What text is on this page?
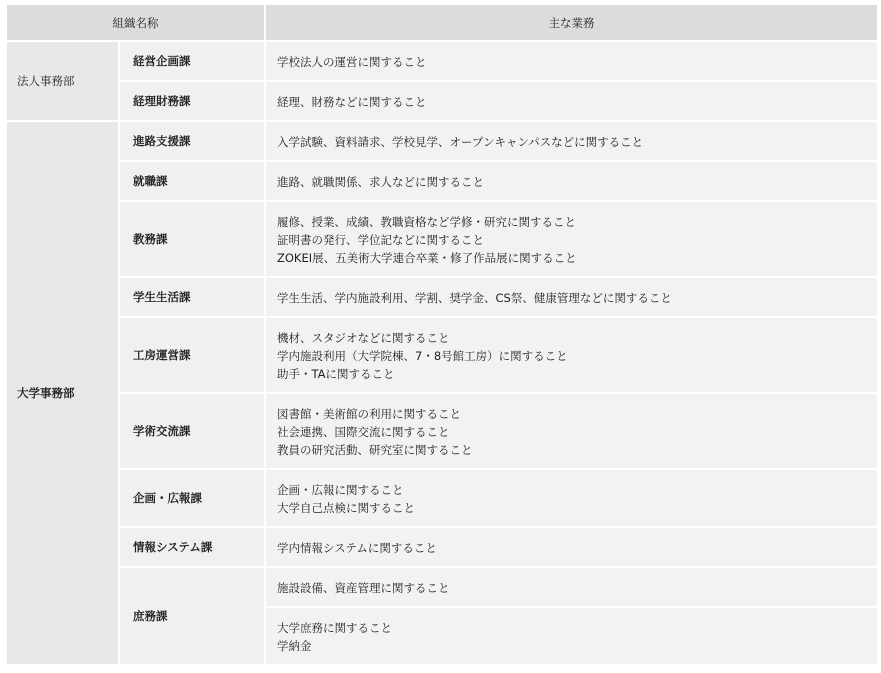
組織名称		主な業務
法人事務部	経営企画課	学校法人の運営に関すること

	経理財務課	経理、財務などに関すること

大学事務部	進路支援課	入学試験、資料請求、学校見学、オープンキャンパスなどに関すること

	就職課	進路、就職関係、求人などに関すること

	教務課	履修、授業、成績、教職資格など学修・研究に関すること
証明書の発行、学位記などに関すること
ZOKEI展、五美術大学連合卒業・修了作品展に関すること

	学生生活課	学生生活、学内施設利用、学割、奨学金、CS祭、健康管理などに関すること

	工房運営課	機材、スタジオなどに関すること
学内施設利用（大学院棟、7・8号館工房）に関すること
助手・TAに関すること

	学術交流課	図書館・美術館の利用に関すること
社会連携、国際交流に関すること
教員の研究活動、研究室に関すること

	企画・広報課	企画・広報に関すること
大学自己点検に関すること

	情報システム課	学内情報システムに関すること

	庶務課	施設設備、資産管理に関すること

		大学庶務に関すること
学納金
